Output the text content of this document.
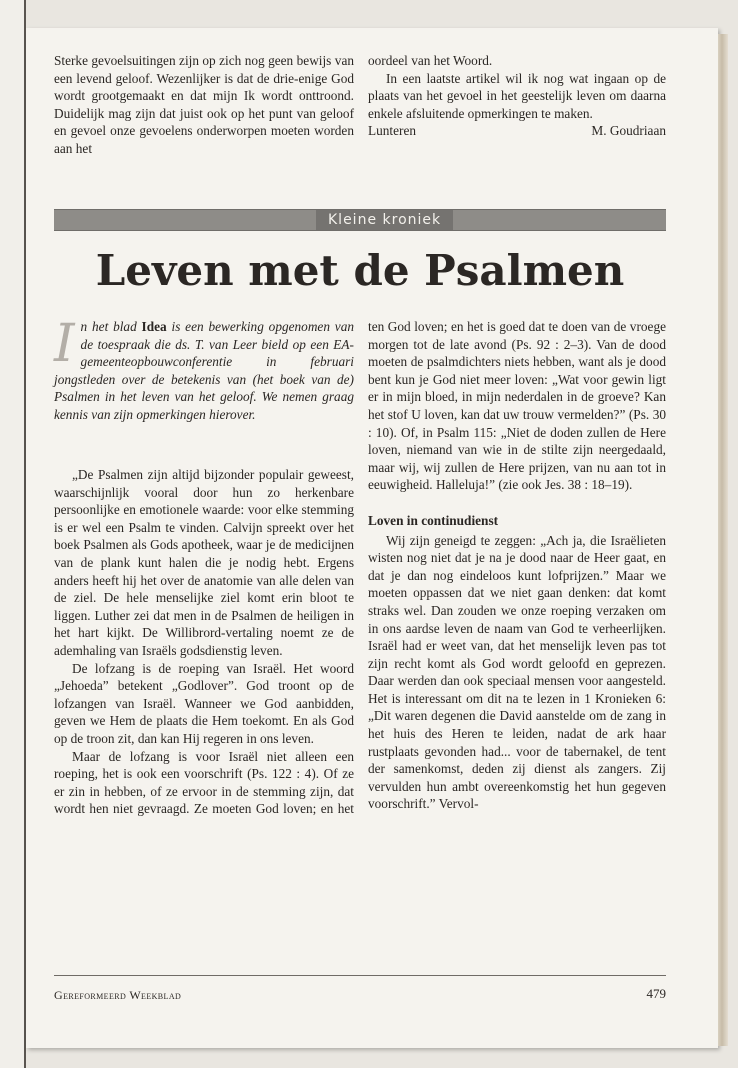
Sterke gevoelsuitingen zijn op zich nog geen bewijs van een levend geloof. Wezenlijker is dat de drie-enige God wordt grootgemaakt en dat mijn Ik wordt onttroond. Duidelijk mag zijn dat juist ook op het punt van geloof en gevoel onze gevoelens onderworpen moeten worden aan het

oordeel van het Woord.

In een laatste artikel wil ik nog wat ingaan op de plaats van het gevoel in het geestelijk leven om daarna enkele afsluitende opmerkingen te maken.

Lunteren	M. Goudriaan
Kleine kroniek
Leven met de Psalmen
In het blad Idea is een bewerking opgenomen van de toespraak die ds. T. van Leer bield op een EA-gemeenteopbouwconferentie in februari jongstleden over de betekenis van (het boek van de) Psalmen in het leven van het geloof. We nemen graag kennis van zijn opmerkingen hierover.

„De Psalmen zijn altijd bijzonder populair geweest, waarschijnlijk vooral door hun zo herkenbare persoonlijke en emotionele waarde: voor elke stemming is er wel een Psalm te vinden. Calvijn spreekt over het boek Psalmen als Gods apotheek, waar je de medicijnen van de plank kunt halen die je nodig hebt. Ergens anders heeft hij het over de anatomie van alle delen van de ziel. De hele menselijke ziel komt erin bloot te liggen. Luther zei dat men in de Psalmen de heiligen in het hart kijkt. De Willibrord-vertaling noemt ze de ademhaling van Israëls godsdienstig leven.

De lofzang is de roeping van Israël. Het woord „Jehoeda” betekent „Godlover”. God troont op de lofzangen van Israël. Wanneer we God aanbidden, geven we Hem de plaats die Hem toekomt. En als God op de troon zit, dan kan Hij regeren in ons leven.

Maar de lofzang is voor Israël niet alleen een roeping, het is ook een voorschrift (Ps. 122 : 4). Of ze er zin in hebben, of ze ervoor in de stemming zijn, dat wordt hen niet gevraagd. Ze moeten God loven; en het

ten God loven; en het is goed dat te doen van de vroege morgen tot de late avond (Ps. 92 : 2–3). Van de dood moeten de psalmdichters niets hebben, want als je dood bent kun je God niet meer loven: „Wat voor gewin ligt er in mijn bloed, in mijn nederdalen in de groeve? Kan het stof U loven, kan dat uw trouw vermelden?” (Ps. 30 : 10). Of, in Psalm 115: „Niet de doden zullen de Here loven, niemand van wie in de stilte zijn neergedaald, maar wij, wij zullen de Here prijzen, van nu aan tot in eeuwigheid. Halleluja!” (zie ook Jes. 38 : 18–19).

Loven in continudienst

Wij zijn geneigd te zeggen: „Ach ja, die Israëlieten wisten nog niet dat je na je dood naar de Heer gaat, en dat je dan nog eindeloos kunt lofprijzen.” Maar we moeten oppassen dat we niet gaan denken: dat komt straks wel. Dan zouden we onze roeping verzaken om in ons aardse leven de naam van God te verheerlijken. Israël had er weet van, dat het menselijk leven pas tot zijn recht komt als God wordt geloofd en geprezen. Daar werden dan ook speciaal mensen voor aangesteld. Het is interessant om dit na te lezen in 1 Kronieken 6: „Dit waren degenen die David aanstelde om de zang in het huis des Heren te leiden, nadat de ark haar rustplaats gevonden had... voor de tabernakel, de tent der samenkomst, deden zij dienst als zangers. Zij vervulden hun ambt overeenkomstig het hun gegeven voorschrift.” Vervol-

Gereformeerd Weekblad	479
